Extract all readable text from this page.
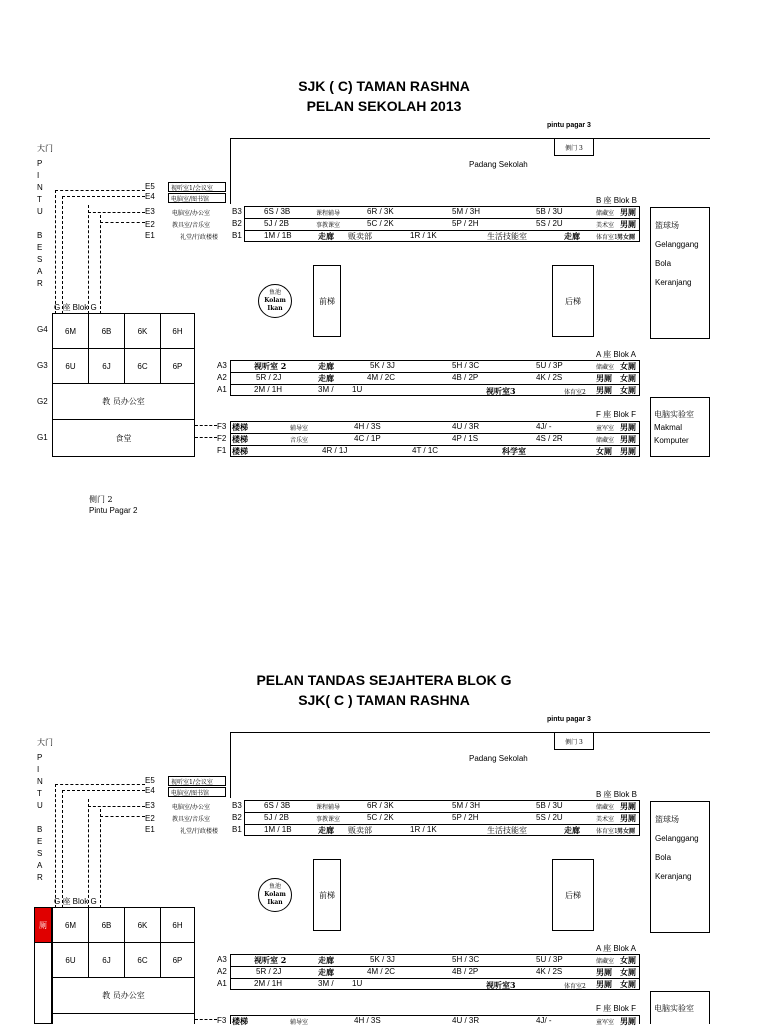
SJK ( C) TAMAN RASHNA
PELAN SEKOLAH 2013
pintu pagar 3
侧门 3
Padang Sekolah
大门
P
I
N
T
U

B
E
S
A
R
E5
E4
E3
E2
E1
视听室1/会议室
电脑室/图书馆
电脑室/办公室
教具室/音乐室
礼堂/行政楼楼
B 座 Blok B
B3
B2
B1
6S / 3B	课程辅导	6R / 3K	5M / 3H	5B / 3U	储藏室 男厕
5J / 2B	事教课室	5C / 2K	5P / 2H	5S / 2U	美术室 男厕
1M / 1B	走廊 贩卖部	1R / 1K	生活技能室	走廊	体育室1 男女厕
鱼池
Kolam
Ikan
前梯	后梯
篮球场
Gelanggang
Bola
Keranjang
G 座 Blok G
G4
G3
G2
G1
6M	6B	6K	6H
6U	6J	6C	6P
教 员办公室
食堂
A 座 Blok A
A3
A2
A1
视听室 2	走廊	5K / 3J	5H / 3C	5U / 3P	储藏室 女厕
5R / 2J	走廊	4M / 2C	4B / 2P	4K / 2S	男厕 女厕
2M / 1H	3M / 1U	视听室3	体育室2 男厕 女厕
F 座 Blok F
F3
F2
F1
楼梯	辅导室	4H / 3S	4U / 3R	4J/ -	童军室 男厕
楼梯	音乐室	4C / 1P	4P / 1S	4S / 2R	储藏室 男厕
楼梯	4R / 1J	4T / 1C	科学室	女厕 男厕
电脑实验室
Makmal
Komputer
侧门 2
Pintu Pagar 2
PELAN TANDAS SEJAHTERA BLOK G
SJK( C ) TAMAN RASHNA
pintu pagar 3
侧门 3
Padang Sekolah
大门
P
I
N
T
U

B
E
S
A
R
E5
E4
E3
E2
E1
视听室1/会议室
电脑室/图书馆
电脑室/办公室
教具室/音乐室
礼堂/行政楼楼
B 座 Blok B
B3
B2
B1
6S / 3B	课程辅导	6R / 3K	5M / 3H	5B / 3U	储藏室 男厕
5J / 2B	事教课室	5C / 2K	5P / 2H	5S / 2U	美术室 男厕
1M / 1B	走廊 贩卖部	1R / 1K	生活技能室	走廊	体育室1 男女厕
鱼池
Kolam
Ikan
前梯	后梯
篮球场
Gelanggang
Bola
Keranjang
G 座 Blok G
厕	6M	6B	6K	6H
6U	6J	6C	6P
教 员办公室
A 座 Blok A
A3
A2
A1
视听室 2	走廊	5K / 3J	5H / 3C	5U / 3P	储藏室 女厕
5R / 2J	走廊	4M / 2C	4B / 2P	4K / 2S	男厕 女厕
2M / 1H	3M / 1U	视听室3	体育室2 男厕 女厕
F 座 Blok F
F3 楼梯	辅导室	4H / 3S	4U / 3R	4J/ -	童军室 男厕
电脑实验室
